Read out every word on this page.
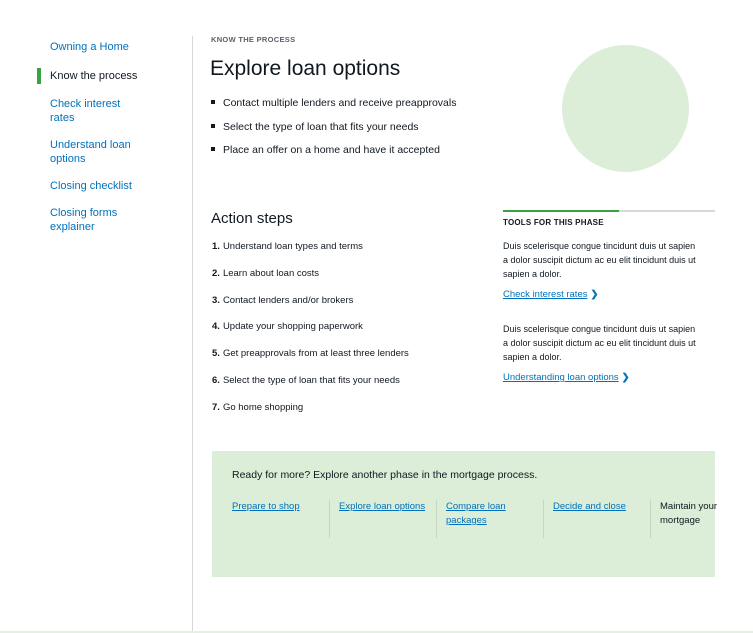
Owning a Home
Know the process
Check interest rates
Understand loan options
Closing checklist
Closing forms explainer
KNOW THE PROCESS
Explore loan options
Contact multiple lenders and receive preapprovals
Select the type of loan that fits your needs
Place an offer on a home and have it accepted
Action steps
1. Understand loan types and terms
2. Learn about loan costs
3. Contact lenders and/or brokers
4. Update your shopping paperwork
5. Get preapprovals from at least three lenders
6. Select the type of loan that fits your needs
7. Go home shopping
TOOLS FOR THIS PHASE
Duis scelerisque congue tincidunt duis ut sapien a dolor suscipit dictum ac eu elit tincidunt duis ut sapien a dolor.
Check interest rates ❯
Duis scelerisque congue tincidunt duis ut sapien a dolor suscipit dictum ac eu elit tincidunt duis ut sapien a dolor.
Understanding loan options ❯
Ready for more? Explore another phase in the mortgage process.
Prepare to shop	Explore loan options	Compare loan packages
Decide and close	Maintain your mortgage
